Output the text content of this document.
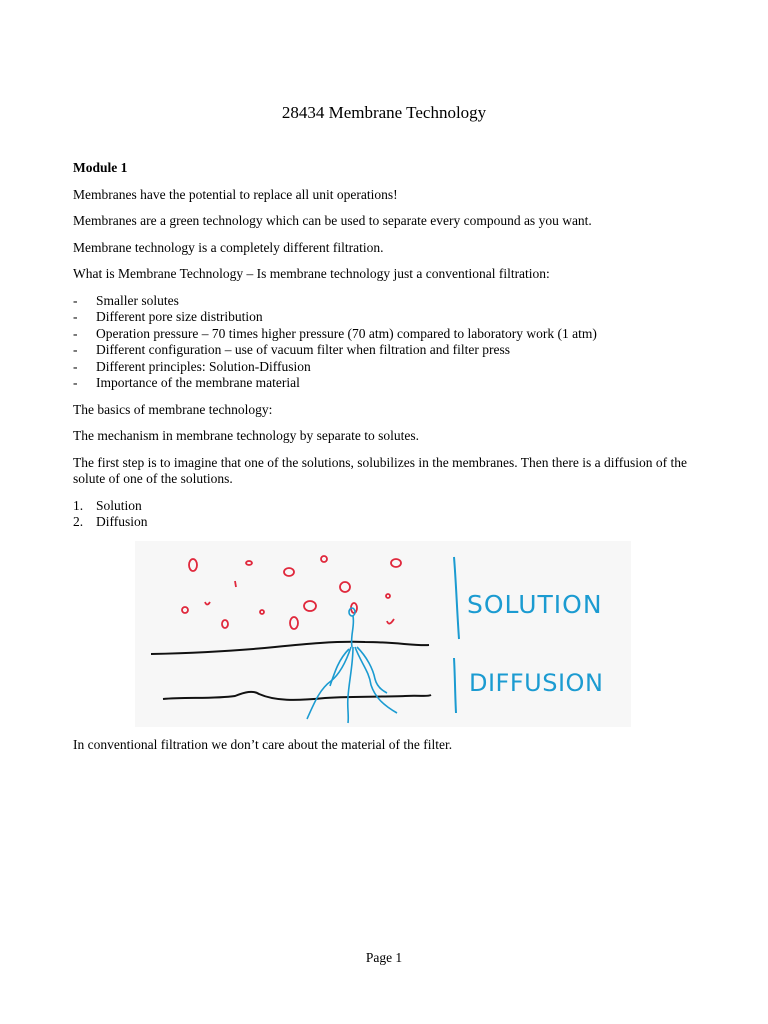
28434 Membrane Technology
Module 1

Membranes have the potential to replace all unit operations!

Membranes are a green technology which can be used to separate every compound as you want.

Membrane technology is a completely different filtration.

What is Membrane Technology – Is membrane technology just a conventional filtration:

- Smaller solutes
- Different pore size distribution
- Operation pressure – 70 times higher pressure (70 atm) compared to laboratory work (1 atm)
- Different configuration – use of vacuum filter when filtration and filter press
- Different principles: Solution-Diffusion
- Importance of the membrane material

The basics of membrane technology:

The mechanism in membrane technology by separate to solutes.

The first step is to imagine that one of the solutions, solubilizes in the membranes. Then there is a diffusion of the solute of one of the solutions.

1. Solution
2. Diffusion
SOLUTION
DIFFUSION

In conventional filtration we don’t care about the material of the filter.

Page 1
